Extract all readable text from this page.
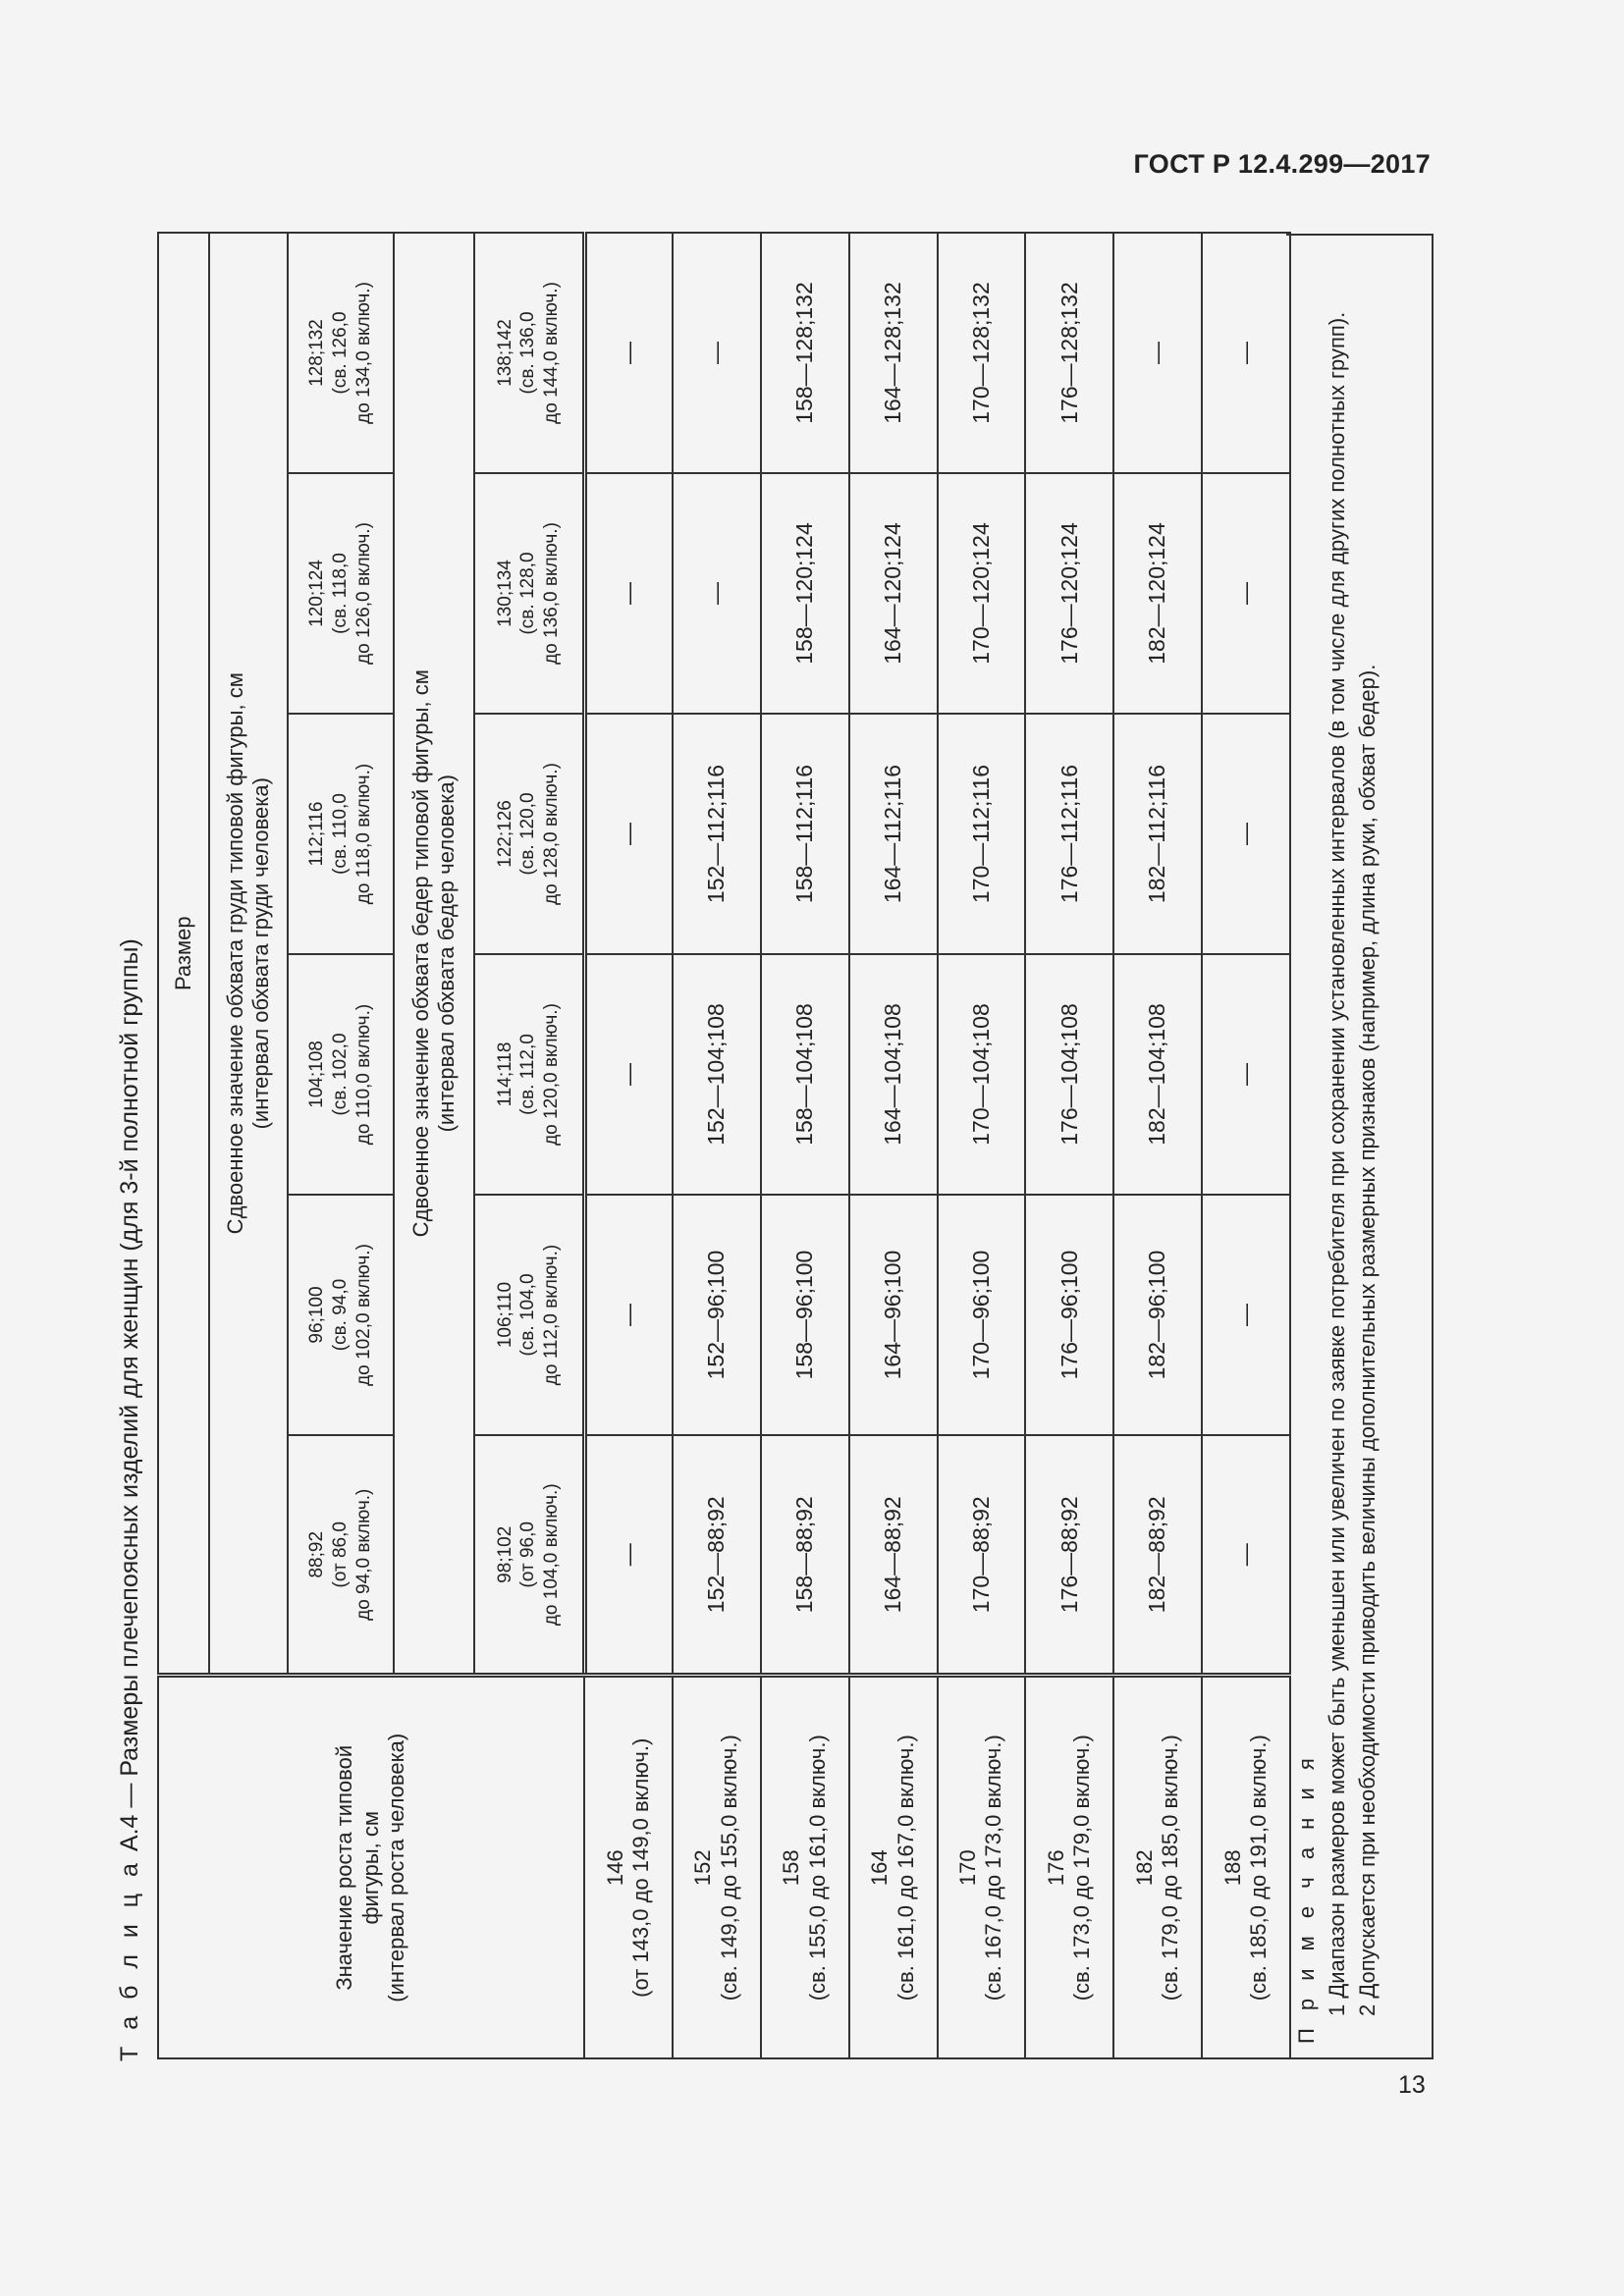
ГОСТ Р 12.4.299—2017
13
Т а б л и ц а А.4 — Размеры плечепоясных изделий для женщин (для 3-й полнотной группы)
Значение роста типовой
фигуры, см
(интервал роста человека)	Размер					

	Сдвоенное значение обхвата груди типовой фигуры, см
(интервал обхвата груди человека)					

	88;92
(от 86,0
до 94,0 включ.)	96;100
(св. 94,0
до 102,0 включ.)	104;108
(св. 102,0
до 110,0 включ.)	112;116
(св. 110,0
до 118,0 включ.)	120;124
(св. 118,0
до 126,0 включ.)	128;132
(св. 126,0
до 134,0 включ.)

	Сдвоенное значение обхвата бедер типовой фигуры, см
(интервал обхвата бедер человека)					

	98;102
(от 96,0
до 104,0 включ.)	106;110
(св. 104,0
до 112,0 включ.)	114;118
(св. 112,0
до 120,0 включ.)	122;126
(св. 120,0
до 128,0 включ.)	130;134
(св. 128,0
до 136,0 включ.)	138;142
(св. 136,0
до 144,0 включ.)

146
(от 143,0 до 149,0 включ.)	—	—	—	—	—	—

152
(св. 149,0 до 155,0 включ.)	152—88;92	152—96;100	152—104;108	152—112;116	—	—

158
(св. 155,0 до 161,0 включ.)	158—88;92	158—96;100	158—104;108	158—112;116	158—120;124	158—128;132

164
(св. 161,0 до 167,0 включ.)	164—88;92	164—96;100	164—104;108	164—112;116	164—120;124	164—128;132

170
(св. 167,0 до 173,0 включ.)	170—88;92	170—96;100	170—104;108	170—112;116	170—120;124	170—128;132

176
(св. 173,0 до 179,0 включ.)	176—88;92	176—96;100	176—104;108	176—112;116	176—120;124	176—128;132

182
(св. 179,0 до 185,0 включ.)	182—88;92	182—96;100	182—104;108	182—112;116	182—120;124	—

188
(св. 185,0 до 191,0 включ.)	—	—	—	—	—	—
П р и м е ч а н и я 1 Диапазон размеров может быть уменьшен или увеличен по заявке потребителя при сохранении установленных интервалов (в том числе для других полнотных групп). 2 Допускается при необходимости приводить величины дополнительных размерных признаков (например, длина руки, обхват бедер).
